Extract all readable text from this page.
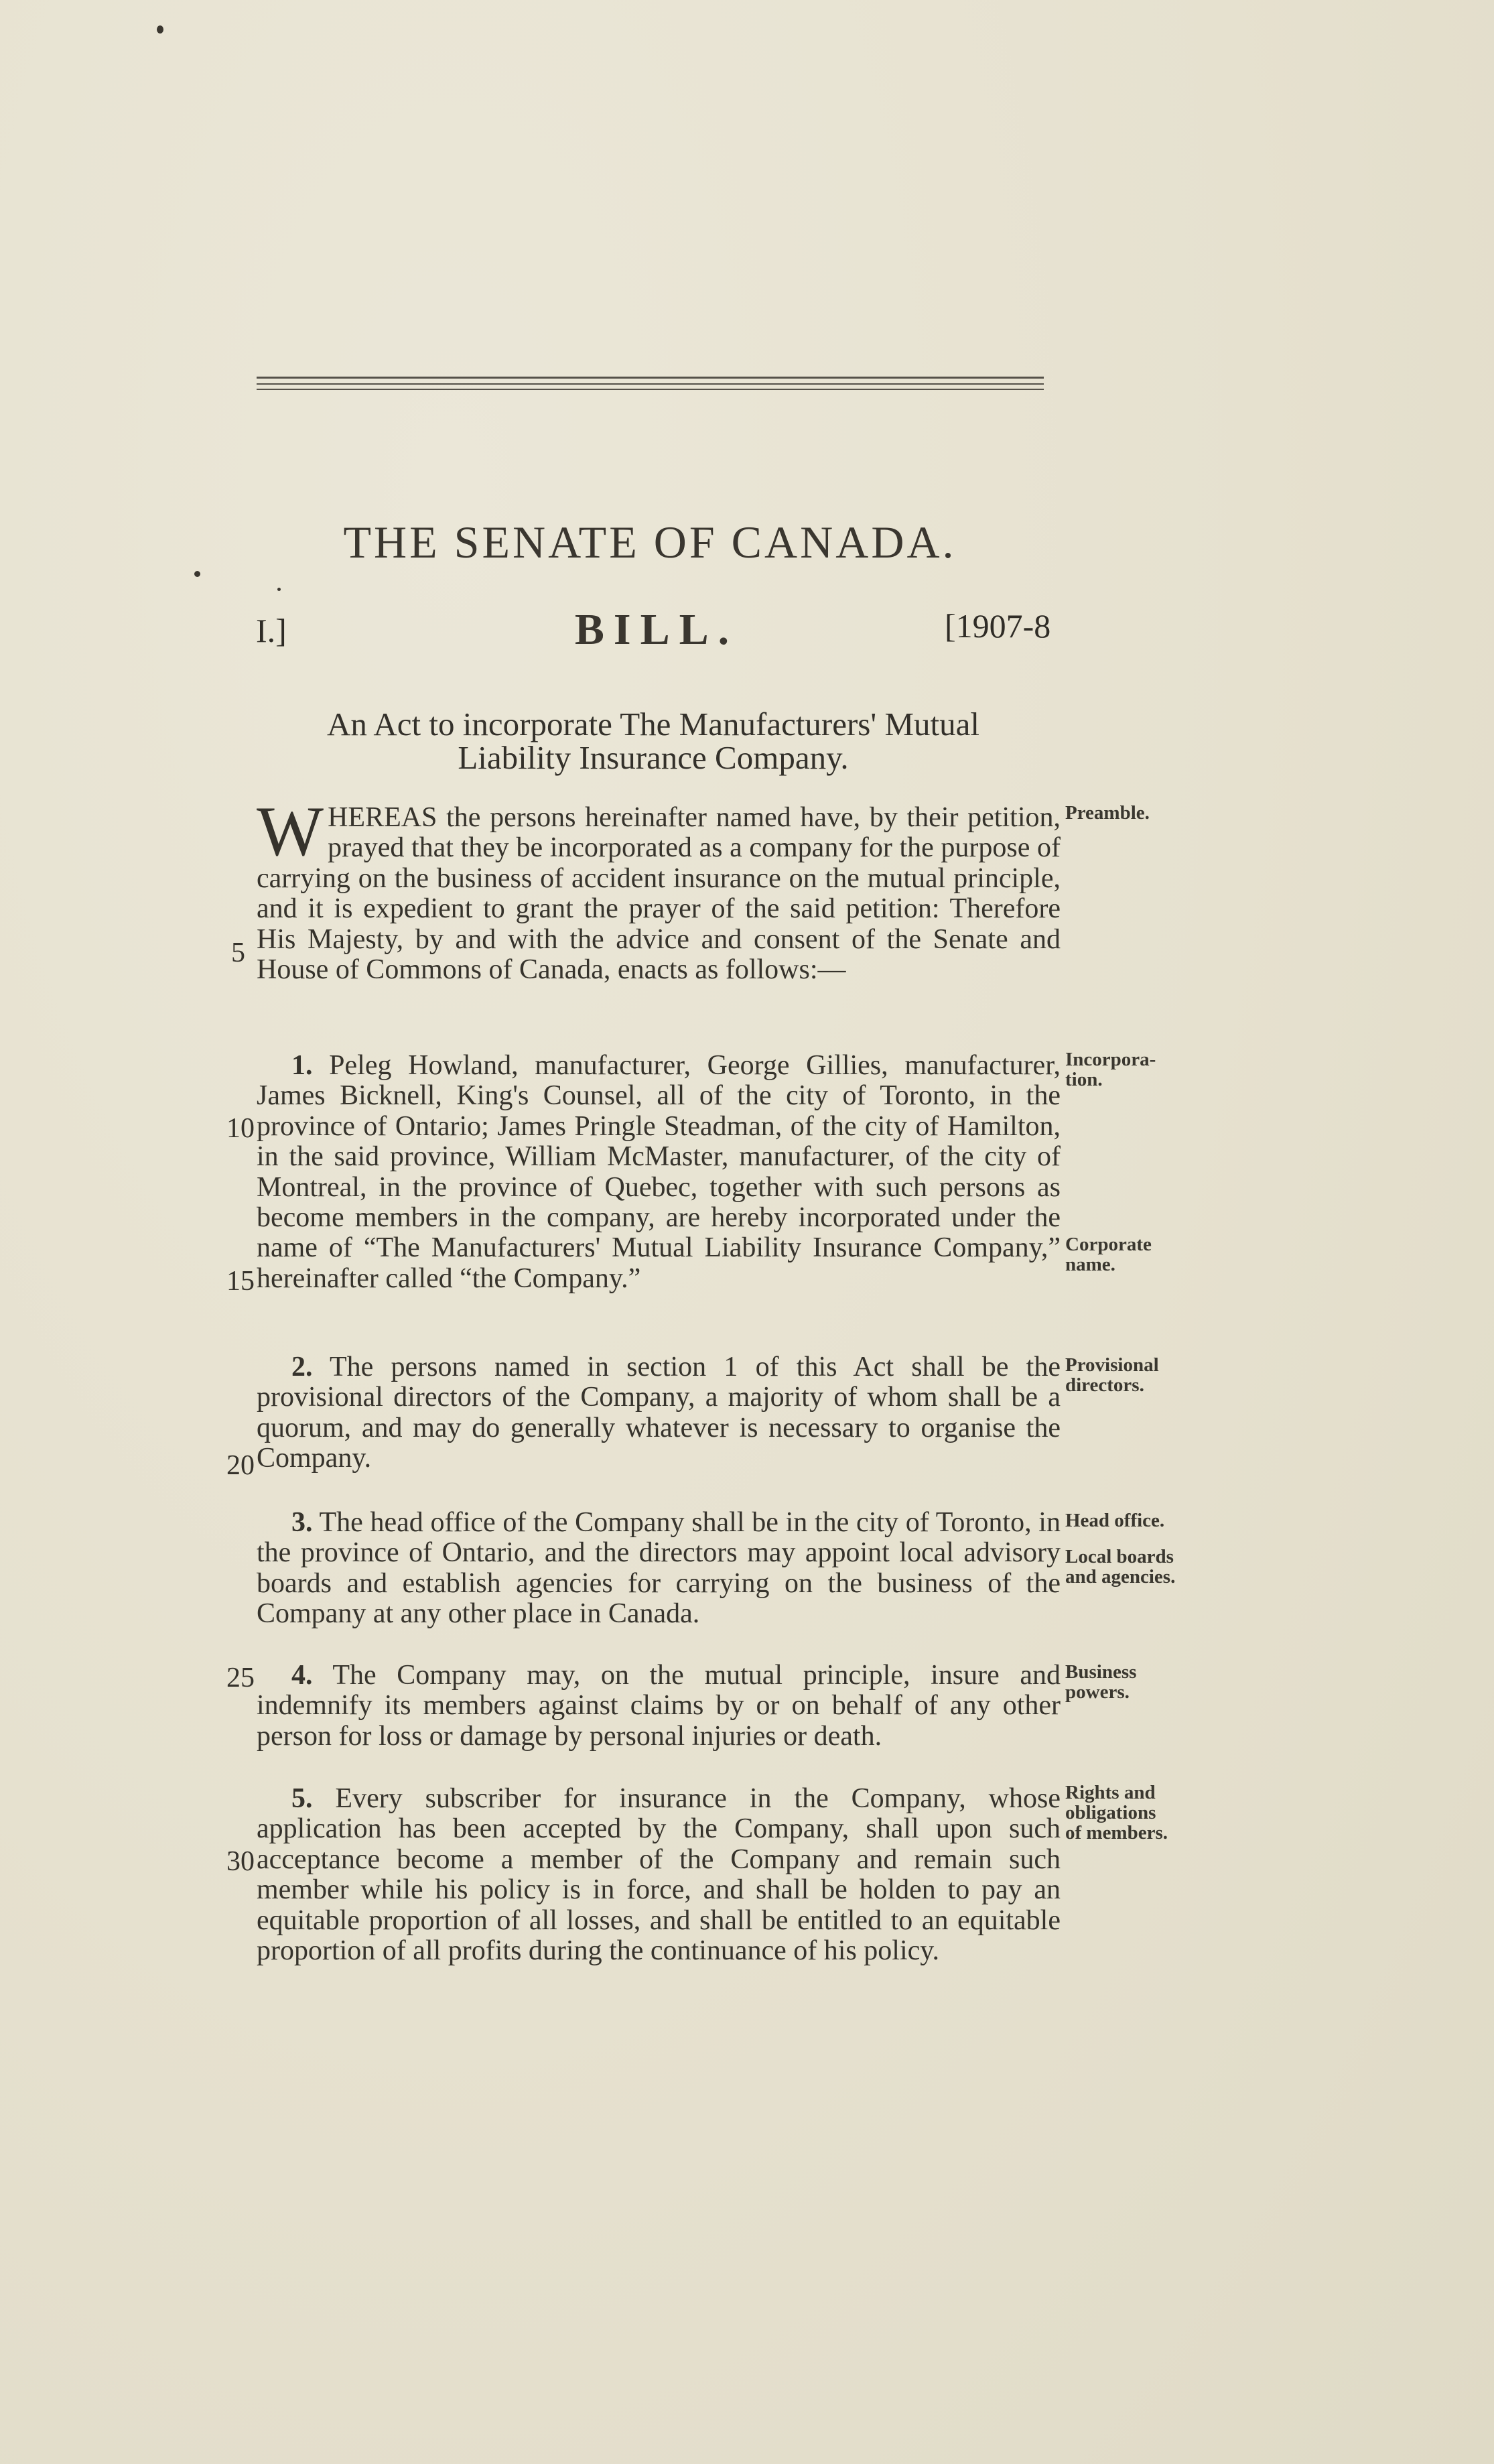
THE SENATE OF CANADA.
I.]	BILL.	[1907-8
An Act to incorporate The Manufacturers' Mutual
Liability Insurance Company.
WHEREAS the persons hereinafter named have, by their petition, prayed that they be incorporated as a company for the purpose of carrying on the business of accident insurance on the mutual principle, and it is expedient to grant the prayer of the said petition: Therefore His Majesty, by and with the advice and consent of the Senate and House of Commons of Canada, enacts as follows:—
1. Peleg Howland, manufacturer, George Gillies, manufacturer, James Bicknell, King's Counsel, all of the city of Toronto, in the province of Ontario; James Pringle Steadman, of the city of Hamilton, in the said province, William McMaster, manufacturer, of the city of Montreal, in the province of Quebec, together with such persons as become members in the company, are hereby incorporated under the name of “The Manufacturers' Mutual Liability Insurance Company,” hereinafter called “the Company.”
2. The persons named in section 1 of this Act shall be the provisional directors of the Company, a majority of whom shall be a quorum, and may do generally whatever is necessary to organise the Company.
3. The head office of the Company shall be in the city of Toronto, in the province of Ontario, and the directors may appoint local advisory boards and establish agencies for carrying on the business of the Company at any other place in Canada.
4. The Company may, on the mutual principle, insure and indemnify its members against claims by or on behalf of any other person for loss or damage by personal injuries or death.
5. Every subscriber for insurance in the Company, whose application has been accepted by the Company, shall upon such acceptance become a member of the Company and remain such member while his policy is in force, and shall be holden to pay an equitable proportion of all losses, and shall be entitled to an equitable proportion of all profits during the continuance of his policy.
5
10
15
20
25
30
Preamble.
Incorpora-
tion.
Corporate
name.
Provisional
directors.
Head office.
Local boards
and agencies.
Business
powers.
Rights and
obligations
of members.
